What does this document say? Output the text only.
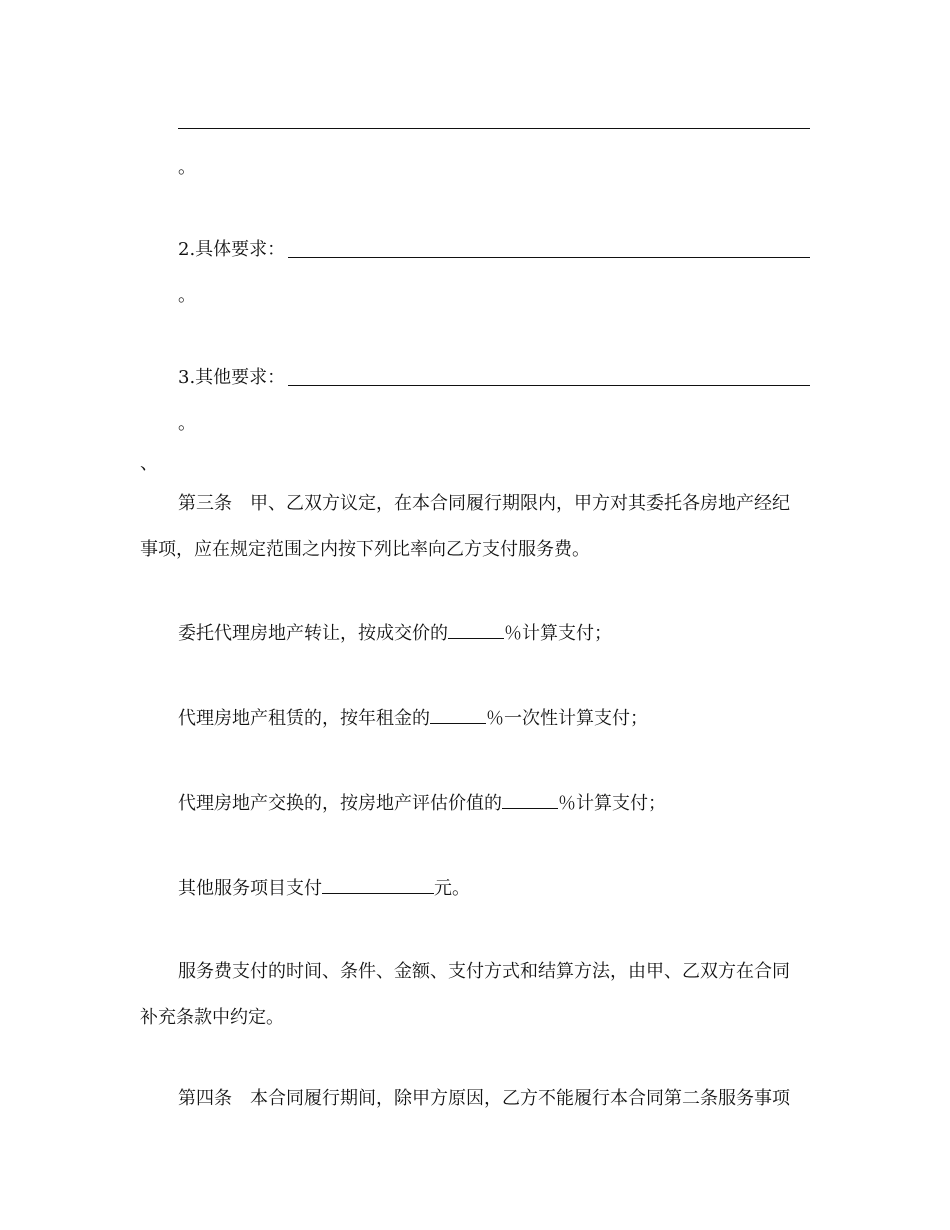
。
2.具体要求：
。
3.其他要求：
。
、
第三条　甲、乙双方议定，在本合同履行期限内，甲方对其委托各房地产经纪
事项，应在规定范围之内按下列比率向乙方支付服务费。
委托代理房地产转让，按成交价的	％计算支付；
代理房地产租赁的，按年租金的	％一次性计算支付；
代理房地产交换的，按房地产评估价值的	％计算支付；
其他服务项目支付	元。
服务费支付的时间、条件、金额、支付方式和结算方法，由甲、乙双方在合同
补充条款中约定。
第四条　本合同履行期间，除甲方原因，乙方不能履行本合同第二条服务事项
